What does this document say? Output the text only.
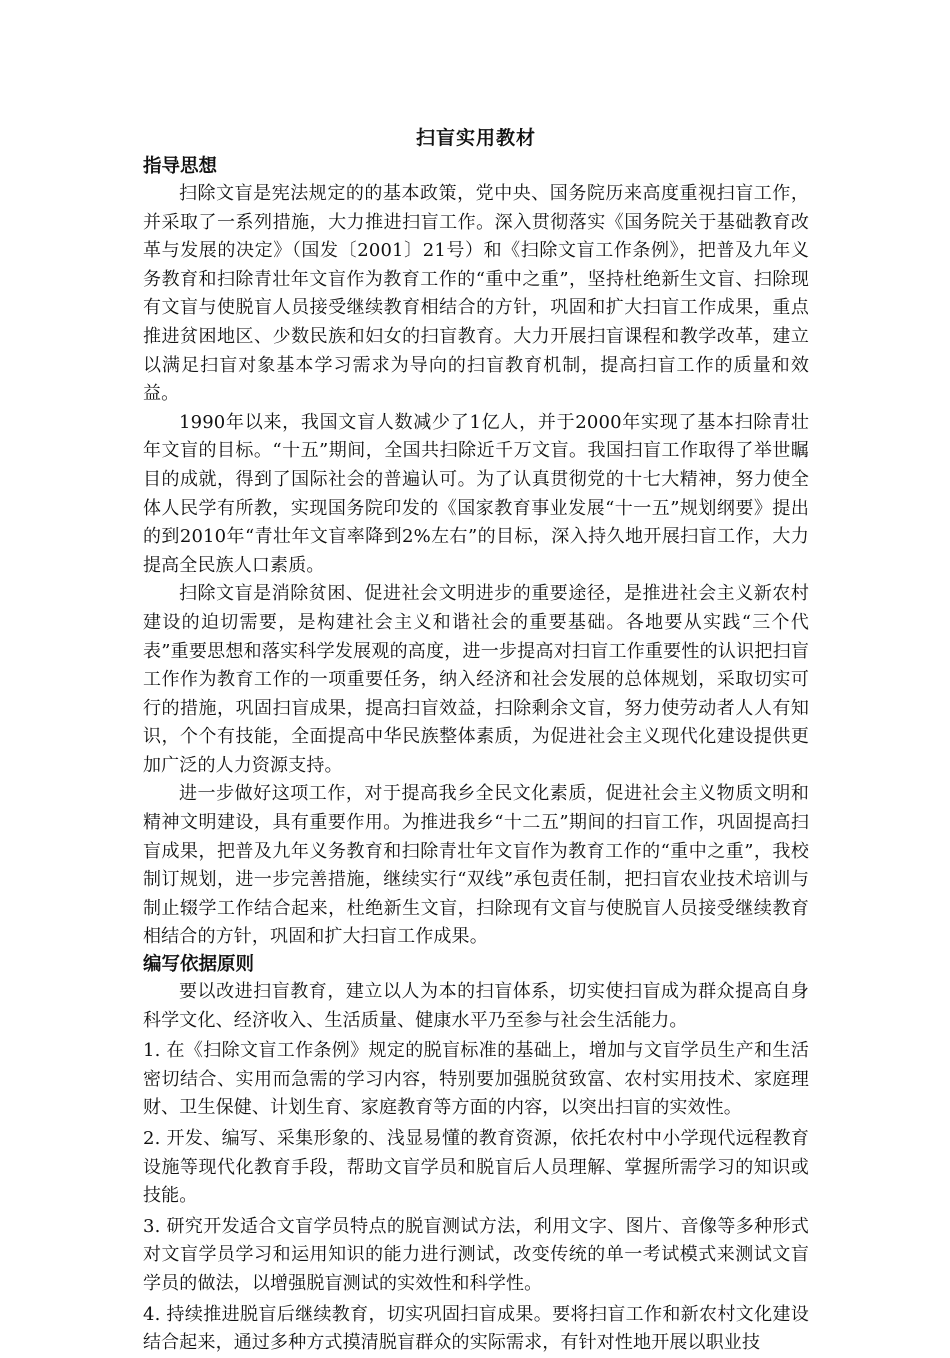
扫盲实用教材
指导思想

扫除文盲是宪法规定的的基本政策，党中央、国务院历来高度重视扫盲工作，并采取了一系列措施，大力推进扫盲工作。深入贯彻落实《国务院关于基础教育改革与发展的决定》（国发〔2001〕21号）和《扫除文盲工作条例》，把普及九年义务教育和扫除青壮年文盲作为教育工作的“重中之重”，坚持杜绝新生文盲、扫除现有文盲与使脱盲人员接受继续教育相结合的方针，巩固和扩大扫盲工作成果，重点推进贫困地区、少数民族和妇女的扫盲教育。大力开展扫盲课程和教学改革，建立以满足扫盲对象基本学习需求为导向的扫盲教育机制，提高扫盲工作的质量和效益。

1990年以来，我国文盲人数减少了1亿人，并于2000年实现了基本扫除青壮年文盲的目标。“十五”期间，全国共扫除近千万文盲。我国扫盲工作取得了举世瞩目的成就，得到了国际社会的普遍认可。为了认真贯彻党的十七大精神，努力使全体人民学有所教，实现国务院印发的《国家教育事业发展“十一五”规划纲要》提出的到2010年“青壮年文盲率降到2%左右”的目标，深入持久地开展扫盲工作，大力提高全民族人口素质。

扫除文盲是消除贫困、促进社会文明进步的重要途径，是推进社会主义新农村建设的迫切需要，是构建社会主义和谐社会的重要基础。各地要从实践“三个代表”重要思想和落实科学发展观的高度，进一步提高对扫盲工作重要性的认识把扫盲工作作为教育工作的一项重要任务，纳入经济和社会发展的总体规划，采取切实可行的措施，巩固扫盲成果，提高扫盲效益，扫除剩余文盲，努力使劳动者人人有知识，个个有技能，全面提高中华民族整体素质，为促进社会主义现代化建设提供更加广泛的人力资源支持。

进一步做好这项工作，对于提高我乡全民文化素质，促进社会主义物质文明和精神文明建设，具有重要作用。为推进我乡“十二五”期间的扫盲工作，巩固提高扫盲成果，把普及九年义务教育和扫除青壮年文盲作为教育工作的“重中之重”，我校制订规划，进一步完善措施，继续实行“双线”承包责任制，把扫盲农业技术培训与制止辍学工作结合起来，杜绝新生文盲，扫除现有文盲与使脱盲人员接受继续教育相结合的方针，巩固和扩大扫盲工作成果。

编写依据原则

要以改进扫盲教育，建立以人为本的扫盲体系，切实使扫盲成为群众提高自身科学文化、经济收入、生活质量、健康水平乃至参与社会生活能力。

1. 在《扫除文盲工作条例》规定的脱盲标准的基础上，增加与文盲学员生产和生活密切结合、实用而急需的学习内容，特别要加强脱贫致富、农村实用技术、家庭理财、卫生保健、计划生育、家庭教育等方面的内容，以突出扫盲的实效性。

2. 开发、编写、采集形象的、浅显易懂的教育资源，依托农村中小学现代远程教育设施等现代化教育手段，帮助文盲学员和脱盲后人员理解、掌握所需学习的知识或技能。

3. 研究开发适合文盲学员特点的脱盲测试方法，利用文字、图片、音像等多种形式对文盲学员学习和运用知识的能力进行测试，改变传统的单一考试模式来测试文盲学员的做法，以增强脱盲测试的实效性和科学性。

4. 持续推进脱盲后继续教育，切实巩固扫盲成果。要将扫盲工作和新农村文化建设结合起来，通过多种方式摸清脱盲群众的实际需求，有针对性地开展以职业技
